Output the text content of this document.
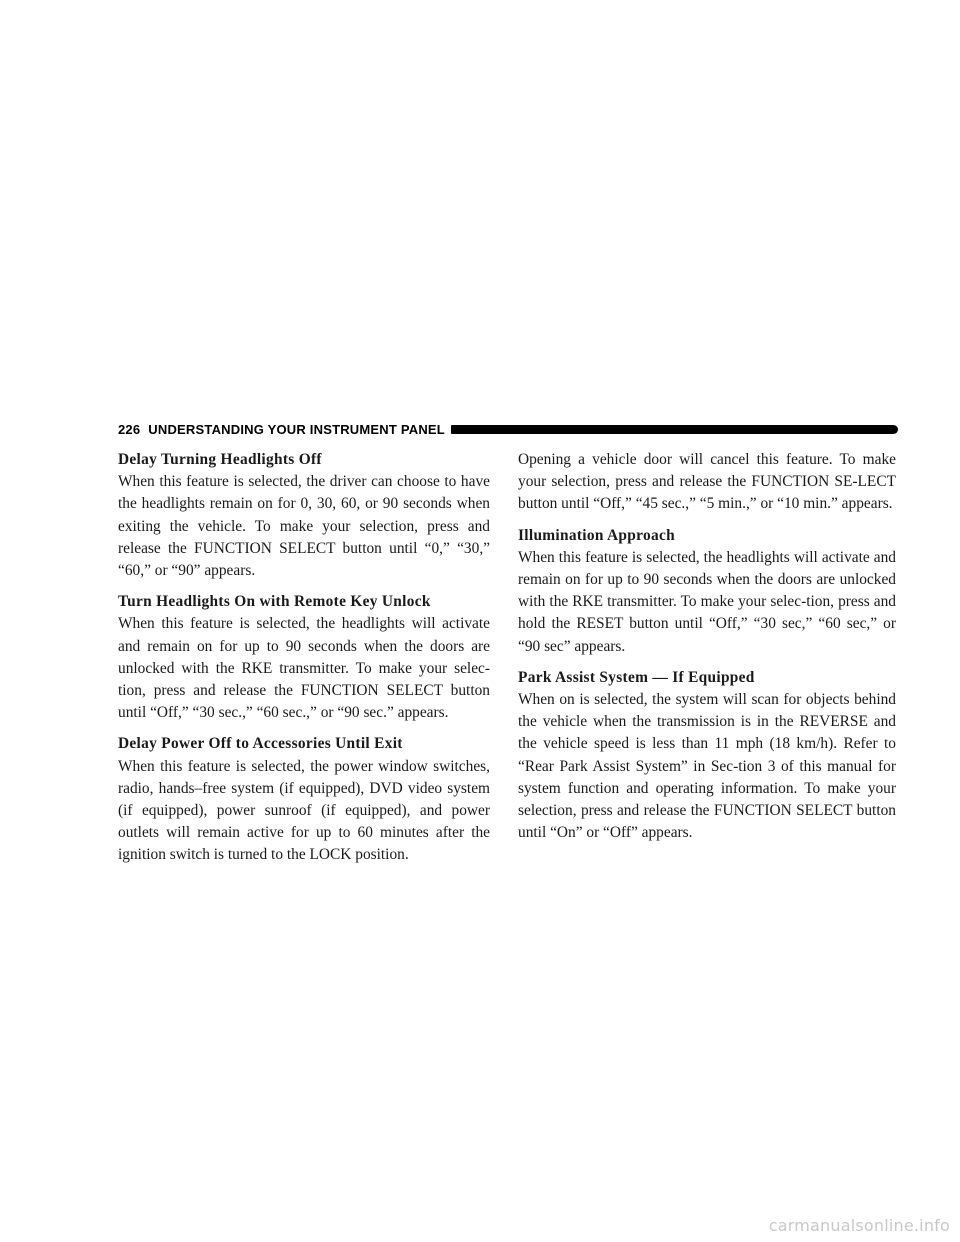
226 UNDERSTANDING YOUR INSTRUMENT PANEL

Delay Turning Headlights Off

When this feature is selected, the driver can choose to have the headlights remain on for 0, 30, 60, or 90 seconds when exiting the vehicle. To make your selection, press and release the FUNCTION SELECT button until “0,” “30,” “60,” or “90” appears.

Turn Headlights On with Remote Key Unlock

When this feature is selected, the headlights will activate and remain on for up to 90 seconds when the doors are unlocked with the RKE transmitter. To make your selec-tion, press and release the FUNCTION SELECT button until “Off,” “30 sec.,” “60 sec.,” or “90 sec.” appears.

Delay Power Off to Accessories Until Exit

When this feature is selected, the power window switches, radio, hands–free system (if equipped), DVD video system (if equipped), power sunroof (if equipped), and power outlets will remain active for up to 60 minutes after the ignition switch is turned to the LOCK position.

Opening a vehicle door will cancel this feature. To make your selection, press and release the FUNCTION SE-LECT button until “Off,” “45 sec.,” “5 min.,” or “10 min.” appears.

Illumination Approach

When this feature is selected, the headlights will activate and remain on for up to 90 seconds when the doors are unlocked with the RKE transmitter. To make your selec-tion, press and hold the RESET button until “Off,” “30 sec,” “60 sec,” or “90 sec” appears.

Park Assist System — If Equipped

When on is selected, the system will scan for objects behind the vehicle when the transmission is in the REVERSE and the vehicle speed is less than 11 mph (18 km/h). Refer to “Rear Park Assist System” in Sec-tion 3 of this manual for system function and operating information. To make your selection, press and release the FUNCTION SELECT button until “On” or “Off” appears.

carmanualsonline.info
